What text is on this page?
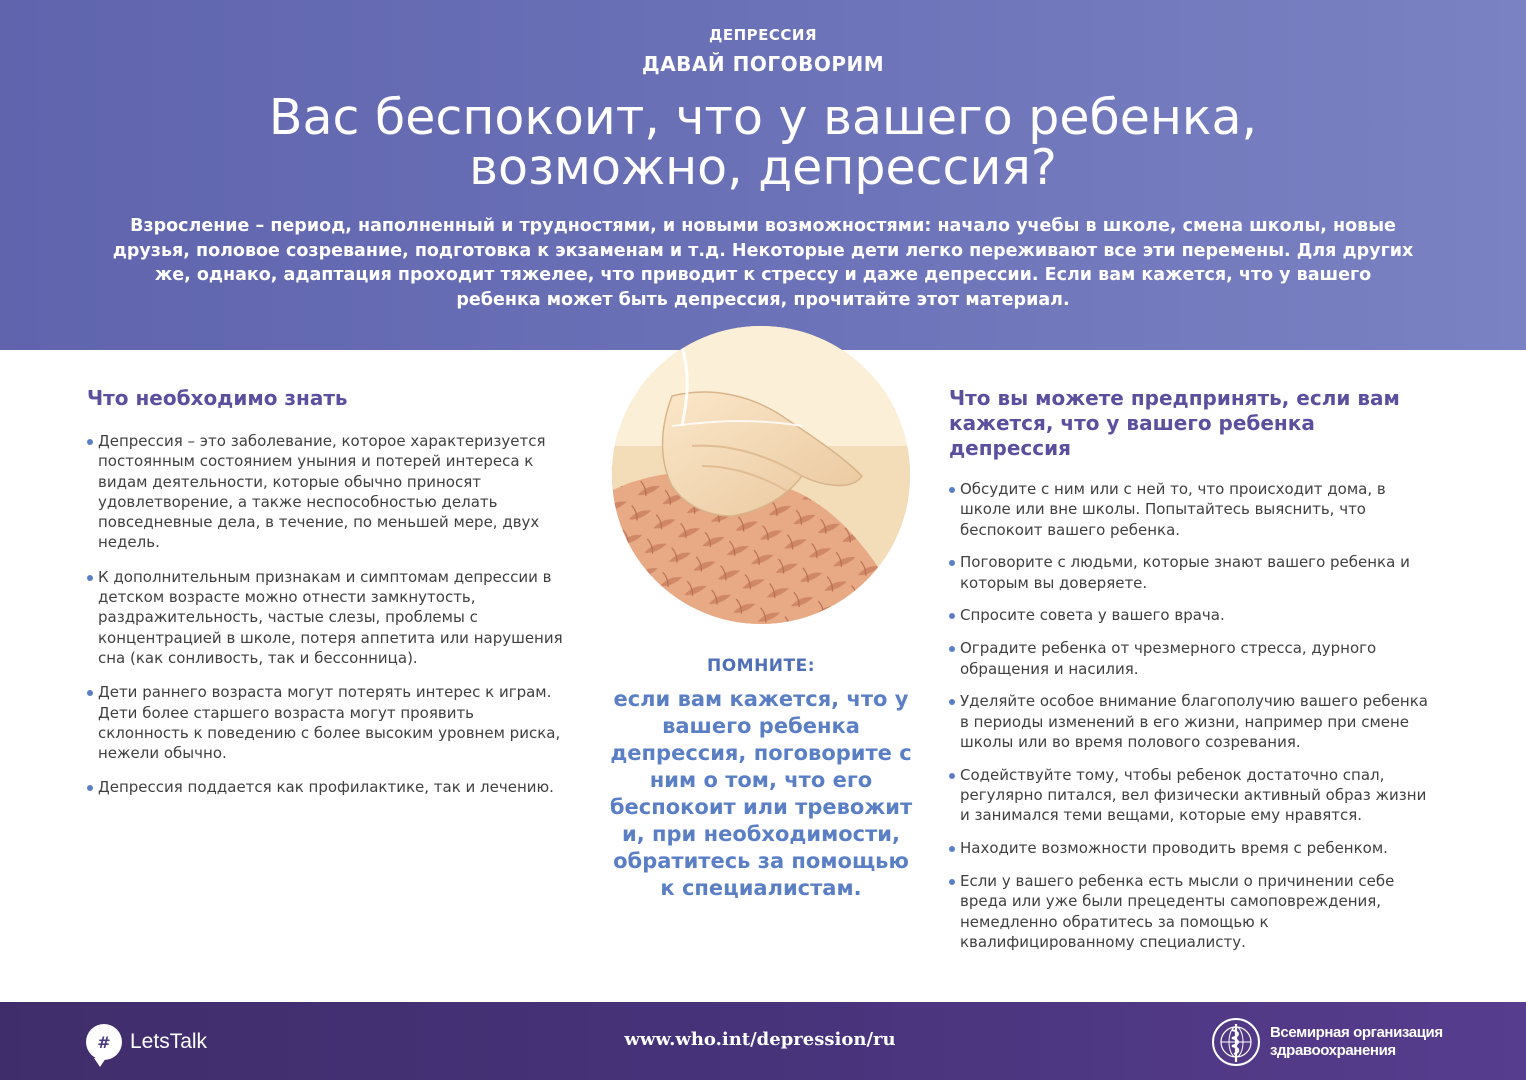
ДЕПРЕССИЯ
ДАВАЙ ПОГОВОРИМ
Вас беспокоит, что у вашего ребенка,
возможно, депрессия?

Взросление – период, наполненный и трудностями, и новыми возможностями: начало учебы в школе, смена школы, новые друзья, половое созревание, подготовка к экзаменам и т.д. Некоторые дети легко переживают все эти перемены. Для других же, однако, адаптация проходит тяжелее, что приводит к стрессу и даже депрессии. Если вам кажется, что у вашего ребенка может быть депрессия, прочитайте этот материал.

Что необходимо знать
Депрессия – это заболевание, которое характеризуется постоянным состоянием уныния и потерей интереса к видам деятельности, которые обычно приносят удовлетворение, а также неспособностью делать повседневные дела, в течение, по меньшей мере, двух недель.
К дополнительным признакам и симптомам депрессии в детском возрасте можно отнести замкнутость, раздражительность, частые слезы, проблемы с концентрацией в школе, потеря аппетита или нарушения сна (как сонливость, так и бессонница).
Дети раннего возраста могут потерять интерес к играм. Дети более старшего возраста могут проявить склонность к поведению с более высоким уровнем риска, нежели обычно.
Депрессия поддается как профилактике, так и лечению.
ПОМНИТЕ:
если вам кажется, что у вашего ребенка депрессия, поговорите с ним о том, что его беспокоит или тревожит и, при необходимости, обратитесь за помощью к специалистам.
Что вы можете предпринять, если вам кажется, что у вашего ребенка депрессия
Обсудите с ним или с ней то, что происходит дома, в школе или вне школы. Попытайтесь выяснить, что беспокоит вашего ребенка.
Поговорите с людьми, которые знают вашего ребенка и которым вы доверяете.
Спросите совета у вашего врача.
Оградите ребенка от чрезмерного стресса, дурного обращения и насилия.
Уделяйте особое внимание благополучию вашего ребенка в периоды изменений в его жизни, например при смене школы или во время полового созревания.
Содействуйте тому, чтобы ребенок достаточно спал, регулярно питался, вел физически активный образ жизни и занимался теми вещами, которые ему нравятся.
Находите возможности проводить время с ребенком.
Если у вашего ребенка есть мысли о причинении себе вреда или уже были прецеденты самоповреждения, немедленно обратитесь за помощью к квалифицированному специалисту.
# LetsTalk	www.who.int/depression/ru	Всемирная организация
здравоохранения
